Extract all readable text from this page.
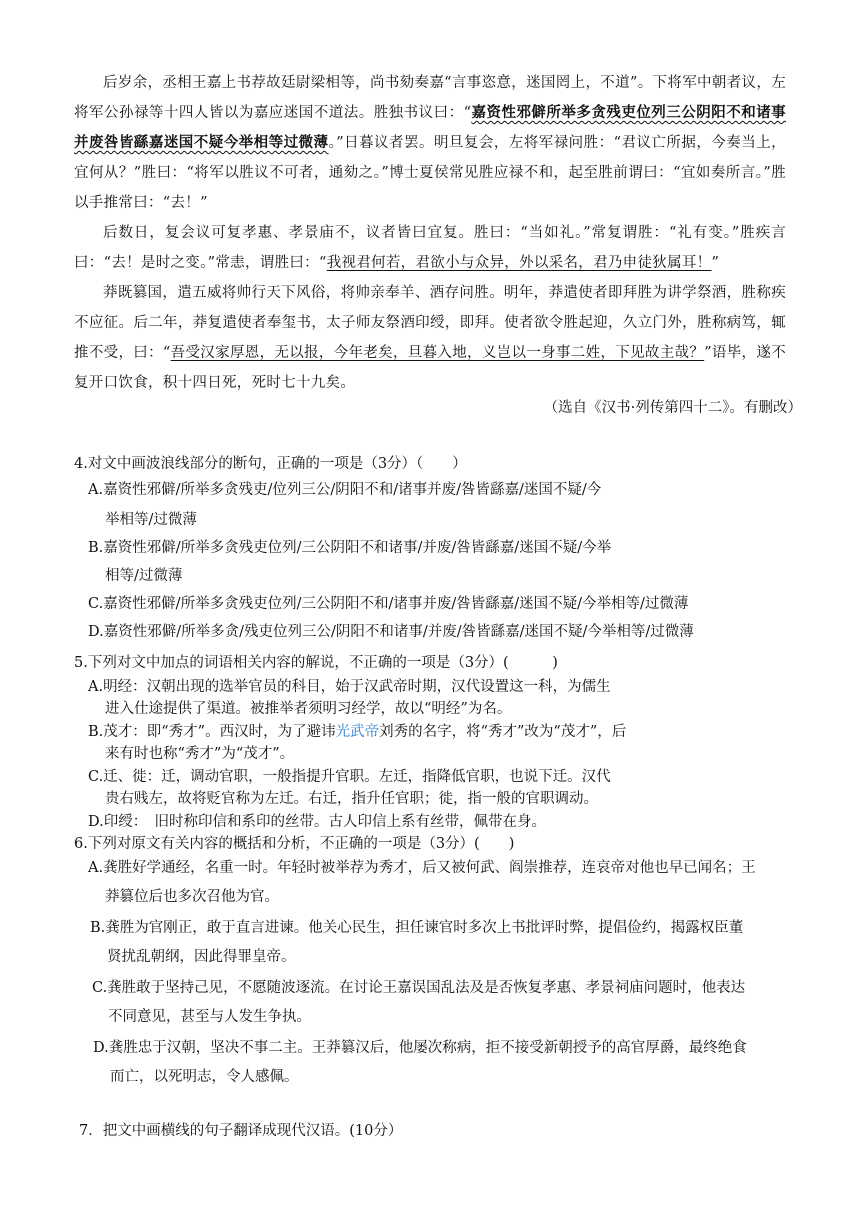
后岁余，丞相王嘉上书荐故廷尉梁相等，尚书劾奏嘉“言事恣意，迷国罔上，不道”。下将军中朝者议，左将军公孙禄等十四人皆以为嘉应迷国不道法。胜独书议曰：“嘉资性邪僻所举多贪残吏位列三公阴阳不和诸事并废咎皆繇嘉迷国不疑今举相等过微薄。”日暮议者罢。明旦复会，左将军禄问胜：“君议亡所据，今奏当上，宜何从？”胜曰：“将军以胜议不可者，通劾之。”博士夏侯常见胜应禄不和，起至胜前谓曰：“宜如奏所言。”胜以手推常曰：“去！”

后数日，复会议可复孝惠、孝景庙不，议者皆曰宜复。胜曰：“当如礼。”常复谓胜：“礼有变。”胜疾言曰：“去！是时之变。”常恚，谓胜曰：“我视君何若，君欲小与众异，外以采名，君乃申徒狄属耳！”

莽既篡国，遣五威将帅行天下风俗，将帅亲奉羊、酒存问胜。明年，莽遣使者即拜胜为讲学祭酒，胜称疾不应征。后二年，莽复遣使者奉玺书，太子师友祭酒印绶，即拜。使者欲令胜起迎，久立门外，胜称病笃，辄推不受，曰：“吾受汉家厚恩，无以报，今年老矣，旦暮入地，义岂以一身事二姓，下见故主哉？”语毕，遂不复开口饮食，积十四日死，死时七十九矣。

（选自《汉书·列传第四十二》。有删改）
4.对文中画波浪线部分的断句，正确的一项是（3分）（　　）
A.嘉资性邪僻/所举多贪残吏/位列三公/阴阳不和/诸事并废/咎皆繇嘉/迷国不疑/今
举相等/过微薄
B.嘉资性邪僻/所举多贪残吏位列/三公阴阳不和诸事/并废/咎皆繇嘉/迷国不疑/今举
相等/过微薄
C.嘉资性邪僻/所举多贪残吏位列/三公阴阳不和/诸事并废/咎皆繇嘉/迷国不疑/今举相等/过微薄
D.嘉资性邪僻/所举多贪/残吏位列三公/阴阳不和诸事/并废/咎皆繇嘉/迷国不疑/今举相等/过微薄
5.下列对文中加点的词语相关内容的解说，不正确的一项是（3分）(　　　)
A.明经：汉朝出现的选举官员的科目，始于汉武帝时期，汉代设置这一科，为儒生
进入仕途提供了渠道。被推举者须明习经学，故以“明经”为名。
B.茂才：即“秀才”。西汉时，为了避讳光武帝刘秀的名字，将“秀才”改为“茂才”，后
来有时也称“秀才”为“茂才”。
C.迁、徙：迁，调动官职，一般指提升官职。左迁，指降低官职，也说下迁。汉代
贵右贱左，故将贬官称为左迁。右迁，指升任官职；徙，指一般的官职调动。
D.印绶：　旧时称印信和系印的丝带。古人印信上系有丝带，佩带在身。
6.下列对原文有关内容的概括和分析，不正确的一项是（3分）(　　)
A.龚胜好学通经，名重一时。年轻时被举荐为秀才，后又被何武、阎崇推荐，连哀帝对他也早已闻名；王
莽篡位后也多次召他为官。
B.龚胜为官刚正，敢于直言进谏。他关心民生，担任谏官时多次上书批评时弊，提倡俭约，揭露权臣董
贤扰乱朝纲，因此得罪皇帝。
C.龚胜敢于坚持己见，不愿随波逐流。在讨论王嘉误国乱法及是否恢复孝惠、孝景祠庙问题时，他表达
不同意见，甚至与人发生争执。
D.龚胜忠于汉朝，坚决不事二主。王莽篡汉后，他屡次称病，拒不接受新朝授予的高官厚爵，最终绝食
而亡，以死明志，令人感佩。
7．把文中画横线的句子翻译成现代汉语。(10分）
